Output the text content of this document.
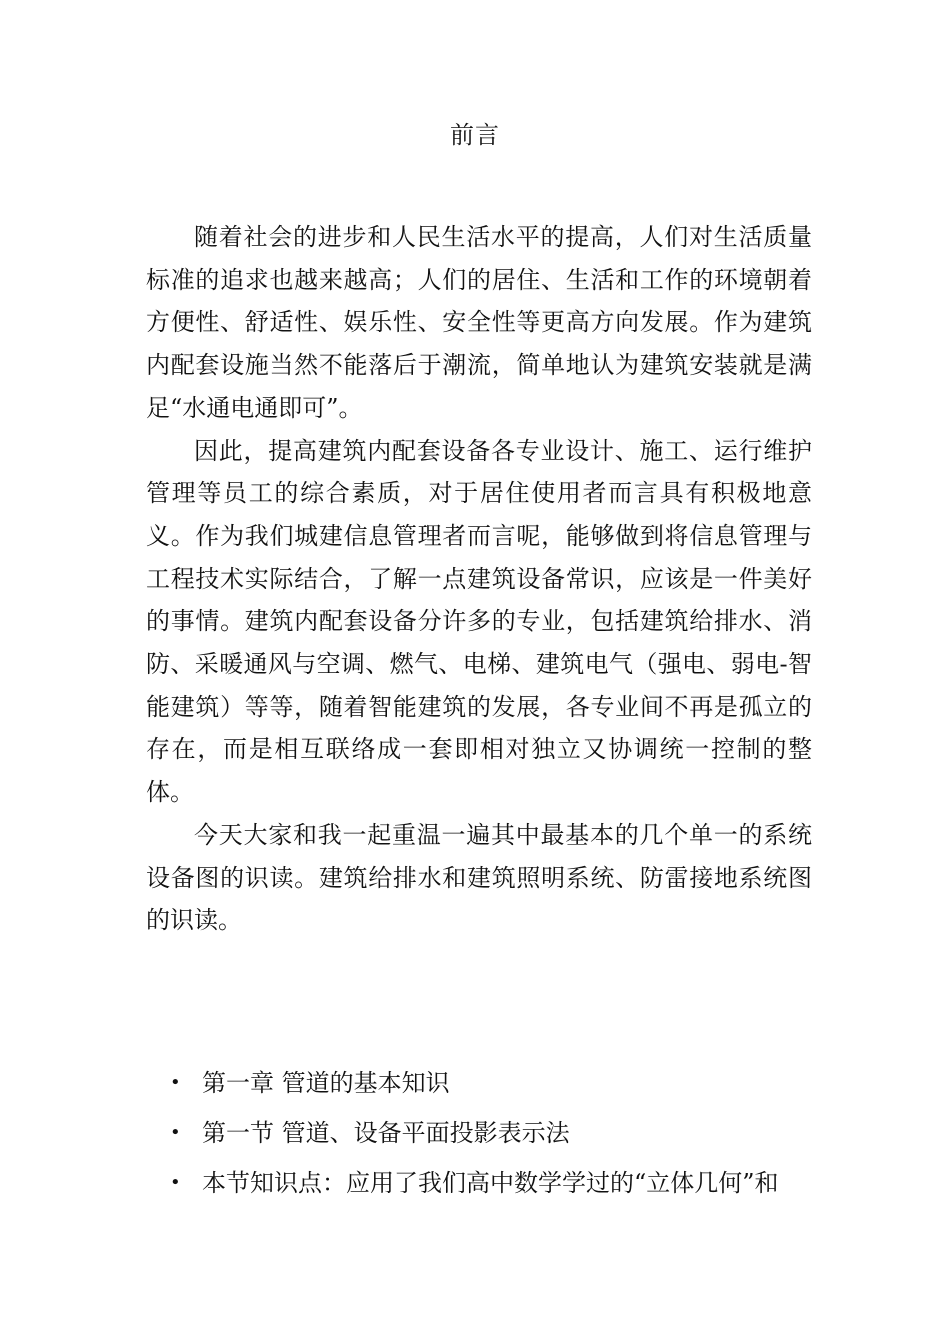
前言

随着社会的进步和人民生活水平的提高，人们对生活质量标准的追求也越来越高；人们的居住、生活和工作的环境朝着方便性、舒适性、娱乐性、安全性等更高方向发展。作为建筑内配套设施当然不能落后于潮流，简单地认为建筑安装就是满足“水通电通即可”。

因此，提高建筑内配套设备各专业设计、施工、运行维护管理等员工的综合素质，对于居住使用者而言具有积极地意义。作为我们城建信息管理者而言呢，能够做到将信息管理与工程技术实际结合，了解一点建筑设备常识，应该是一件美好的事情。建筑内配套设备分许多的专业，包括建筑给排水、消防、采暖通风与空调、燃气、电梯、建筑电气（强电、弱电-智能建筑）等等，随着智能建筑的发展，各专业间不再是孤立的存在，而是相互联络成一套即相对独立又协调统一控制的整体。

今天大家和我一起重温一遍其中最基本的几个单一的系统设备图的识读。建筑给排水和建筑照明系统、防雷接地系统图的识读。

• 第一章 管道的基本知识
• 第一节 管道、设备平面投影表示法
• 本节知识点：应用了我们高中数学学过的“立体几何”和
